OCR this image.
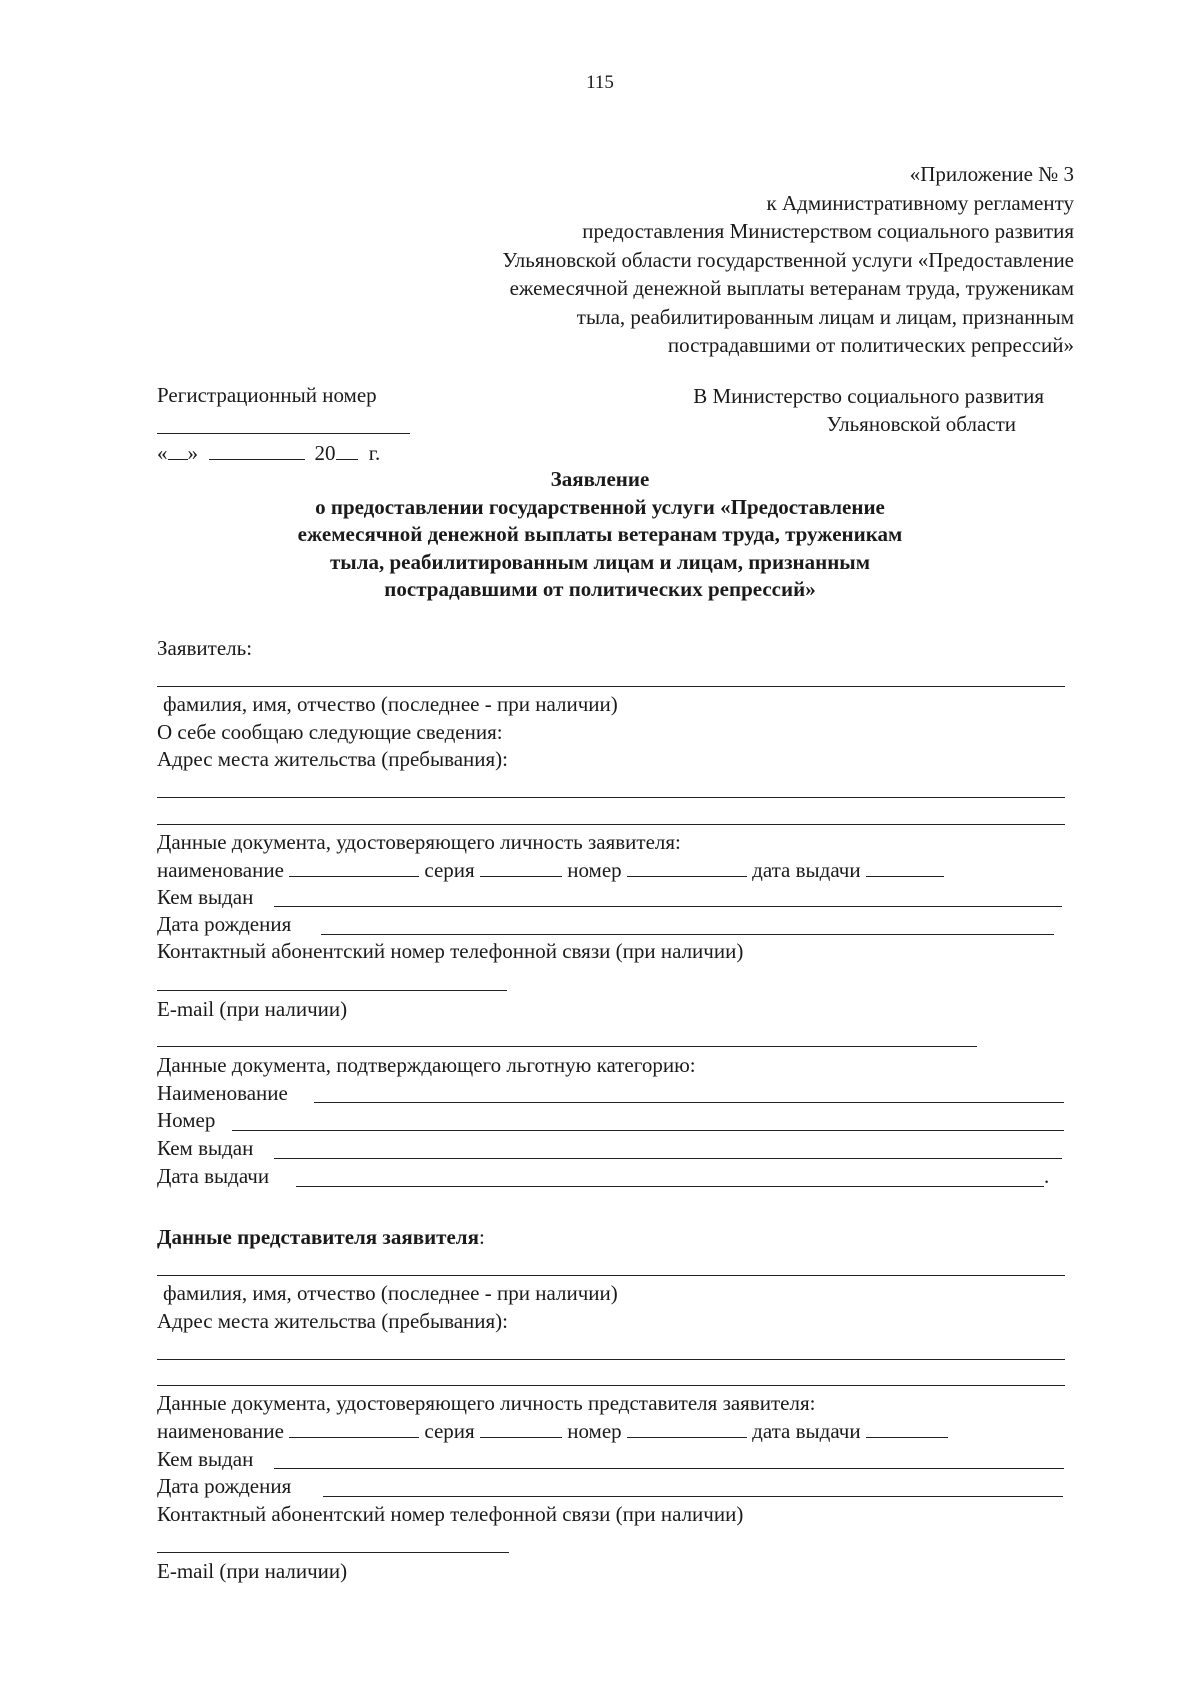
115
«Приложение № 3
к Административному регламенту
предоставления Министерством социального развития
Ульяновской области государственной услуги «Предоставление
ежемесячной денежной выплаты ветеранам труда, труженикам
тыла, реабилитированным лицам и лицам, признанным
пострадавшими от политических репрессий»
Регистрационный номер
« »	20 г.
В Министерство социального развития
Ульяновской области
Заявление
о предоставлении государственной услуги «Предоставление
ежемесячной денежной выплаты ветеранам труда, труженикам
тыла, реабилитированным лицам и лицам, признанным
пострадавшими от политических репрессий»
Заявитель:
фамилия, имя, отчество (последнее - при наличии)
О себе сообщаю следующие сведения:
Адрес места жительства (пребывания):
Данные документа, удостоверяющего личность заявителя:
наименование	серия	номер	дата выдачи
Кем выдан
Дата рождения
Контактный абонентский номер телефонной связи (при наличии)
E-mail (при наличии)
Данные документа, подтверждающего льготную категорию:
Наименование
Номер
Кем выдан
Дата выдачи	.
Данные представителя заявителя:
фамилия, имя, отчество (последнее - при наличии)
Адрес места жительства (пребывания):
Данные документа, удостоверяющего личность представителя заявителя:
наименование	серия	номер	дата выдачи
Кем выдан
Дата рождения
Контактный абонентский номер телефонной связи (при наличии)
E-mail (при наличии)
